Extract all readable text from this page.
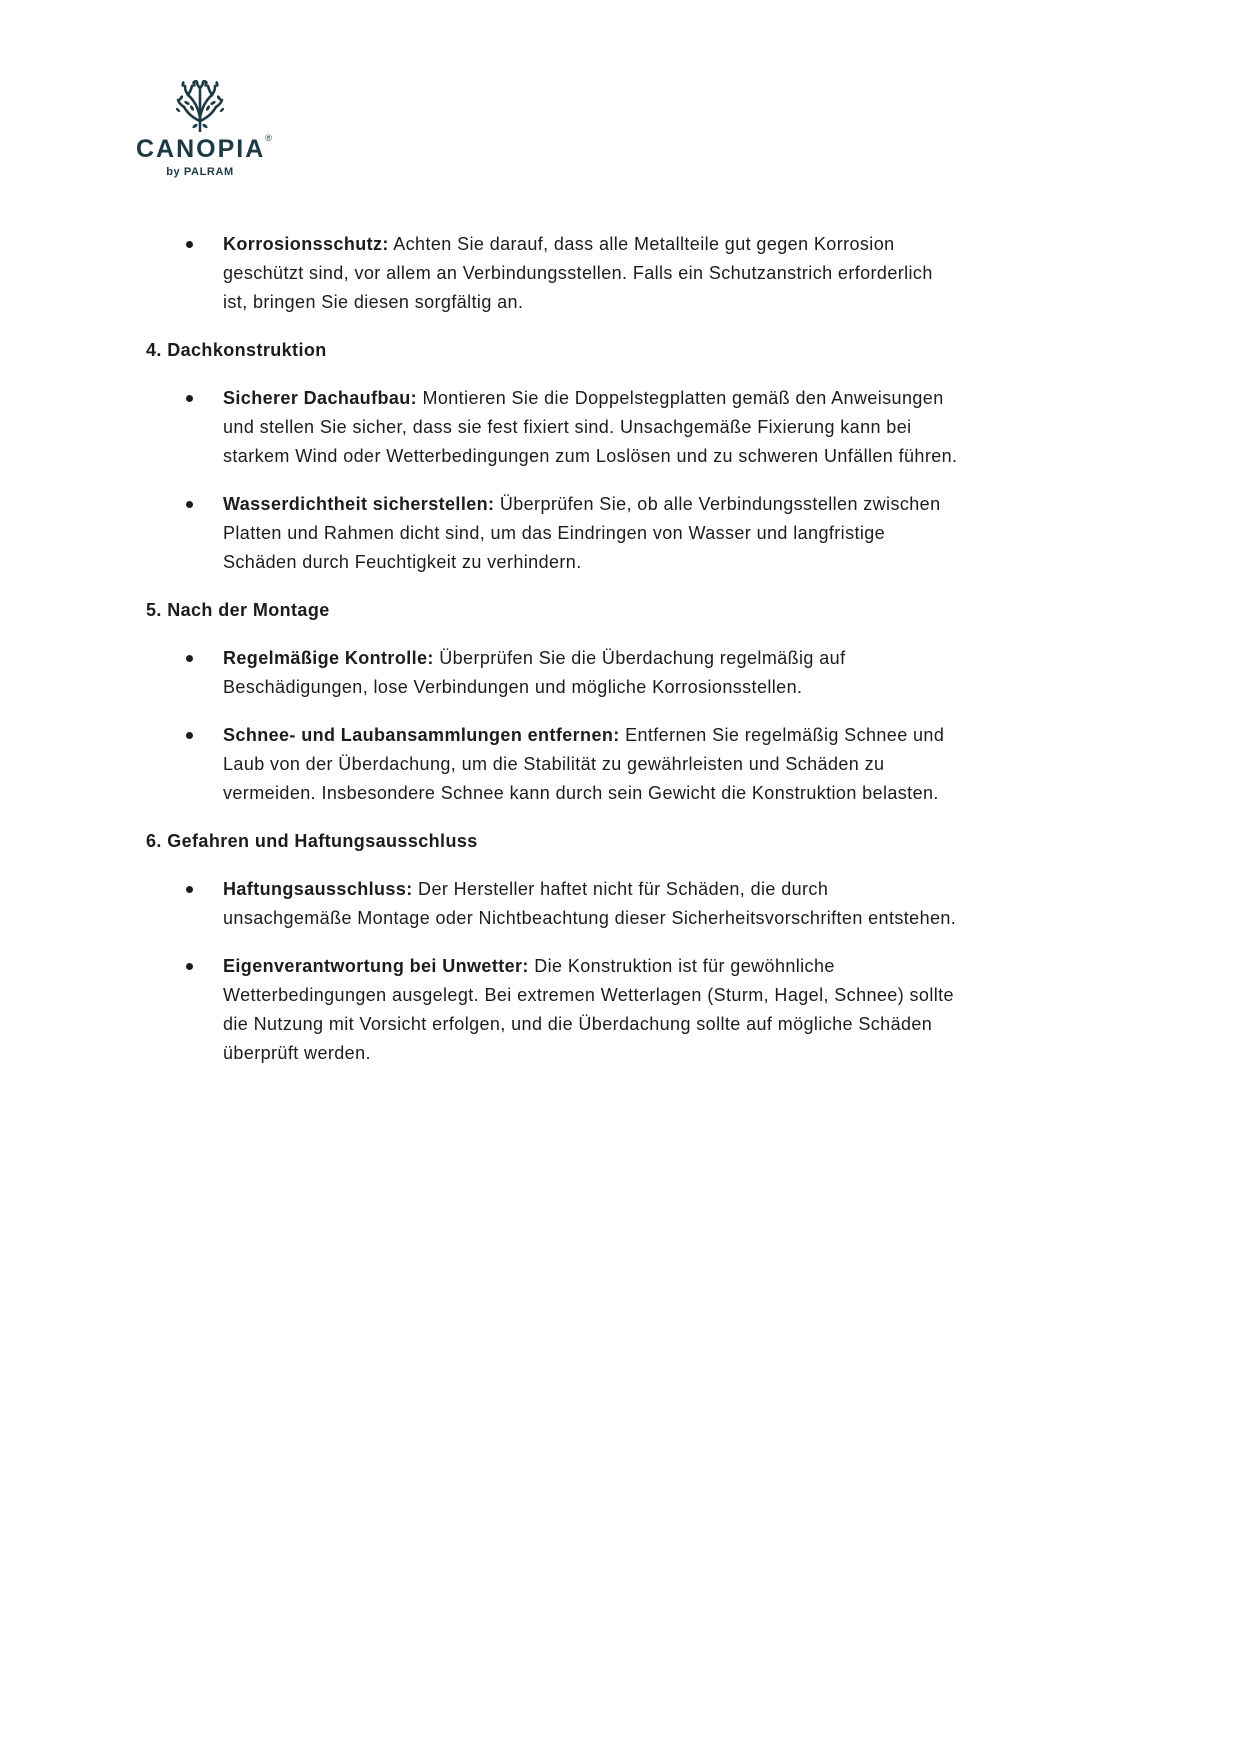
CANOPIA®
by PALRAM

Korrosionsschutz: Achten Sie darauf, dass alle Metallteile gut gegen Korrosion geschützt sind, vor allem an Verbindungsstellen. Falls ein Schutzanstrich erforderlich ist, bringen Sie diesen sorgfältig an.

4. Dachkonstruktion

Sicherer Dachaufbau: Montieren Sie die Doppelstegplatten gemäß den Anweisungen und stellen Sie sicher, dass sie fest fixiert sind. Unsachgemäße Fixierung kann bei starkem Wind oder Wetterbedingungen zum Loslösen und zu schweren Unfällen führen.

Wasserdichtheit sicherstellen: Überprüfen Sie, ob alle Verbindungsstellen zwischen Platten und Rahmen dicht sind, um das Eindringen von Wasser und langfristige Schäden durch Feuchtigkeit zu verhindern.

5. Nach der Montage

Regelmäßige Kontrolle: Überprüfen Sie die Überdachung regelmäßig auf Beschädigungen, lose Verbindungen und mögliche Korrosionsstellen.

Schnee- und Laubansammlungen entfernen: Entfernen Sie regelmäßig Schnee und Laub von der Überdachung, um die Stabilität zu gewährleisten und Schäden zu vermeiden. Insbesondere Schnee kann durch sein Gewicht die Konstruktion belasten.

6. Gefahren und Haftungsausschluss

Haftungsausschluss: Der Hersteller haftet nicht für Schäden, die durch unsachgemäße Montage oder Nichtbeachtung dieser Sicherheitsvorschriften entstehen.

Eigenverantwortung bei Unwetter: Die Konstruktion ist für gewöhnliche Wetterbedingungen ausgelegt. Bei extremen Wetterlagen (Sturm, Hagel, Schnee) sollte die Nutzung mit Vorsicht erfolgen, und die Überdachung sollte auf mögliche Schäden überprüft werden.
